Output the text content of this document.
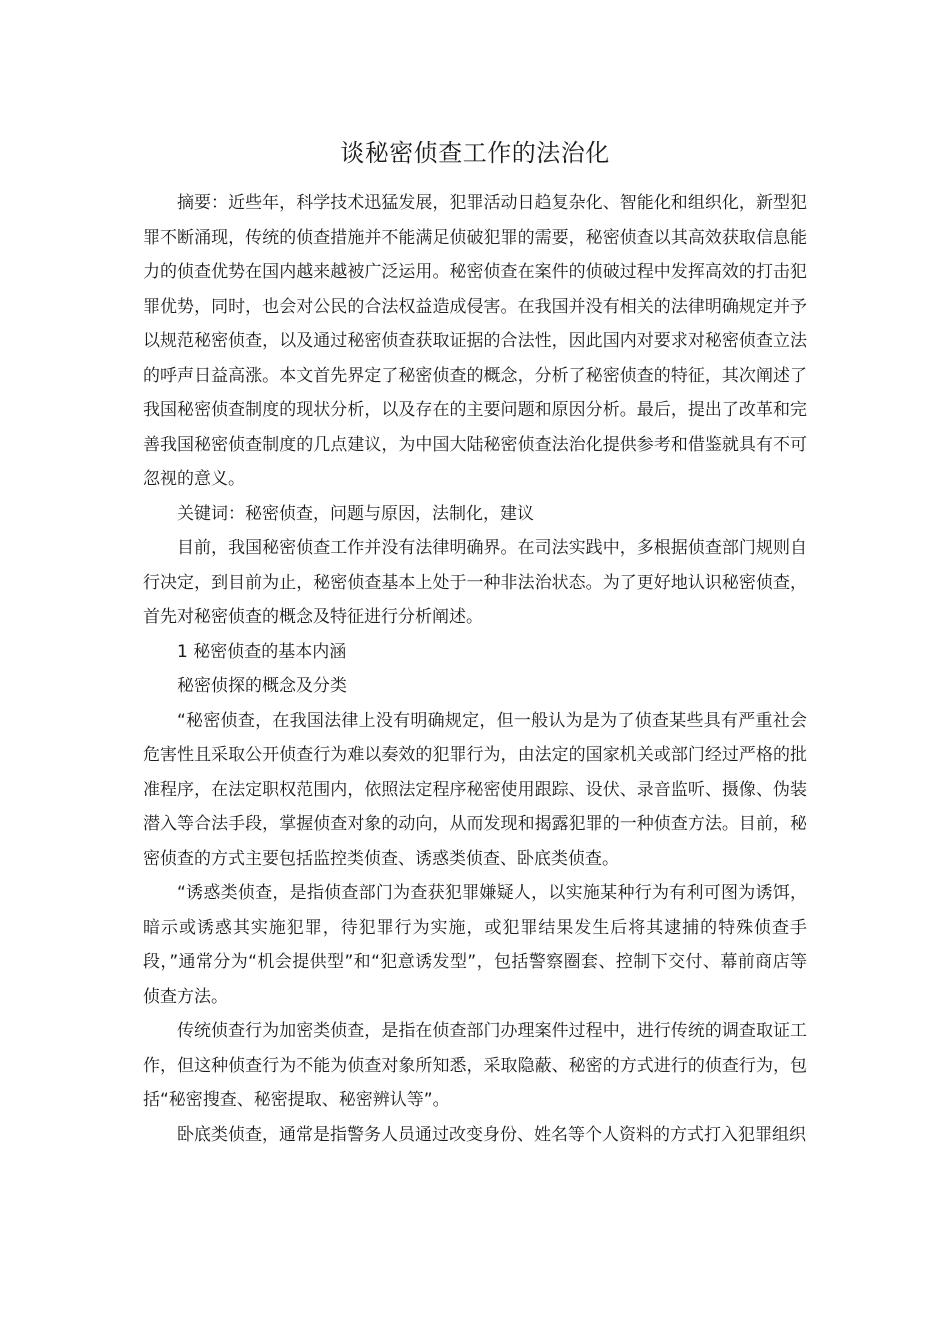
谈秘密侦查工作的法治化

摘要：近些年，科学技术迅猛发展，犯罪活动日趋复杂化、智能化和组织化，新型犯罪不断涌现，传统的侦查措施并不能满足侦破犯罪的需要，秘密侦查以其高效获取信息能力的侦查优势在国内越来越被广泛运用。秘密侦查在案件的侦破过程中发挥高效的打击犯罪优势，同时，也会对公民的合法权益造成侵害。在我国并没有相关的法律明确规定并予以规范秘密侦查，以及通过秘密侦查获取证据的合法性，因此国内对要求对秘密侦查立法的呼声日益高涨。本文首先界定了秘密侦查的概念，分析了秘密侦查的特征，其次阐述了我国秘密侦查制度的现状分析，以及存在的主要问题和原因分析。最后，提出了改革和完善我国秘密侦查制度的几点建议，为中国大陆秘密侦查法治化提供参考和借鉴就具有不可忽视的意义。

关键词：秘密侦查，问题与原因，法制化，建议

目前，我国秘密侦查工作并没有法律明确界。在司法实践中，多根据侦查部门规则自行决定，到目前为止，秘密侦查基本上处于一种非法治状态。为了更好地认识秘密侦查，首先对秘密侦查的概念及特征进行分析阐述。

1 秘密侦查的基本内涵

秘密侦探的概念及分类

“秘密侦查，在我国法律上没有明确规定，但一般认为是为了侦查某些具有严重社会危害性且采取公开侦查行为难以奏效的犯罪行为，由法定的国家机关或部门经过严格的批准程序，在法定职权范围内，依照法定程序秘密使用跟踪、设伏、录音监听、摄像、伪装潜入等合法手段，掌握侦查对象的动向，从而发现和揭露犯罪的一种侦查方法。目前，秘密侦查的方式主要包括监控类侦查、诱惑类侦查、卧底类侦查。

“诱惑类侦查，是指侦查部门为查获犯罪嫌疑人，以实施某种行为有利可图为诱饵，暗示或诱惑其实施犯罪，待犯罪行为实施，或犯罪结果发生后将其逮捕的特殊侦查手段，”通常分为“机会提供型”和“犯意诱发型”，包括警察圈套、控制下交付、幕前商店等侦查方法。

传统侦查行为加密类侦查，是指在侦查部门办理案件过程中，进行传统的调查取证工作，但这种侦查行为不能为侦查对象所知悉，采取隐蔽、秘密的方式进行的侦查行为，包括“秘密搜查、秘密提取、秘密辨认等”。

卧底类侦查，通常是指警务人员通过改变身份、姓名等个人资料的方式打入犯罪组织
